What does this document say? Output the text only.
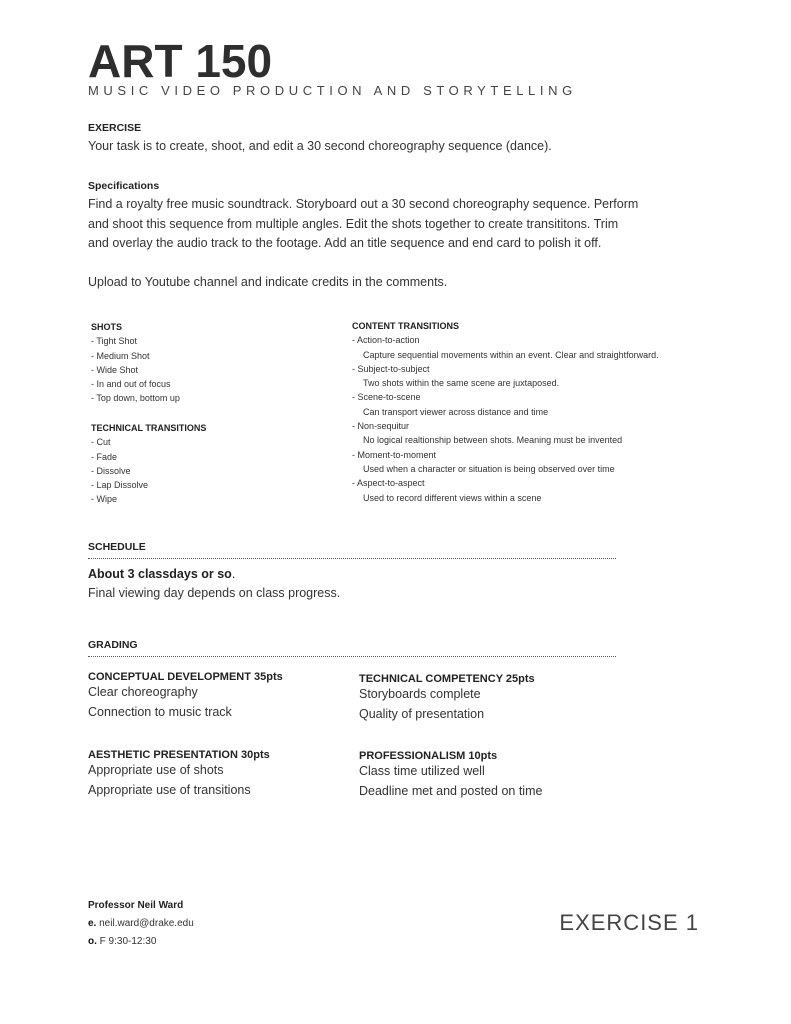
ART 150
MUSIC VIDEO PRODUCTION AND STORYTELLING
EXERCISE
Your task is to create, shoot, and edit a 30 second choreography sequence (dance).
Specifications
Find a royalty free music soundtrack. Storyboard out a 30 second choreography sequence. Perform
and shoot this sequence from multiple angles. Edit the shots together to create transititons. Trim
and overlay the audio track to the footage. Add an title sequence and end card to polish it off.
Upload to Youtube channel and indicate credits in the comments.
SHOTS
- Tight Shot
- Medium Shot
- Wide Shot
- In and out of focus
- Top down, bottom up
TECHNICAL TRANSITIONS
- Cut
- Fade
- Dissolve
- Lap Dissolve
- Wipe
CONTENT TRANSITIONS
- Action-to-action
Capture sequential movements within an event. Clear and straightforward.
- Subject-to-subject
Two shots within the same scene are juxtaposed.
- Scene-to-scene
Can transport viewer across distance and time
- Non-sequitur
No logical realtionship between shots. Meaning must be invented
- Moment-to-moment
Used when a character or situation is being observed over time
- Aspect-to-aspect
Used to record different views within a scene
SCHEDULE
About 3 classdays or so.
Final viewing day depends on class progress.
GRADING
CONCEPTUAL DEVELOPMENT 35pts
Clear choreography
Connection to music track
TECHNICAL COMPETENCY 25pts
Storyboards complete
Quality of presentation
AESTHETIC PRESENTATION 30pts
Appropriate use of shots
Appropriate use of transitions
PROFESSIONALISM 10pts
Class time utilized well
Deadline met and posted on time
Professor Neil Ward
e. neil.ward@drake.edu
o. F 9:30-12:30
EXERCISE 1
